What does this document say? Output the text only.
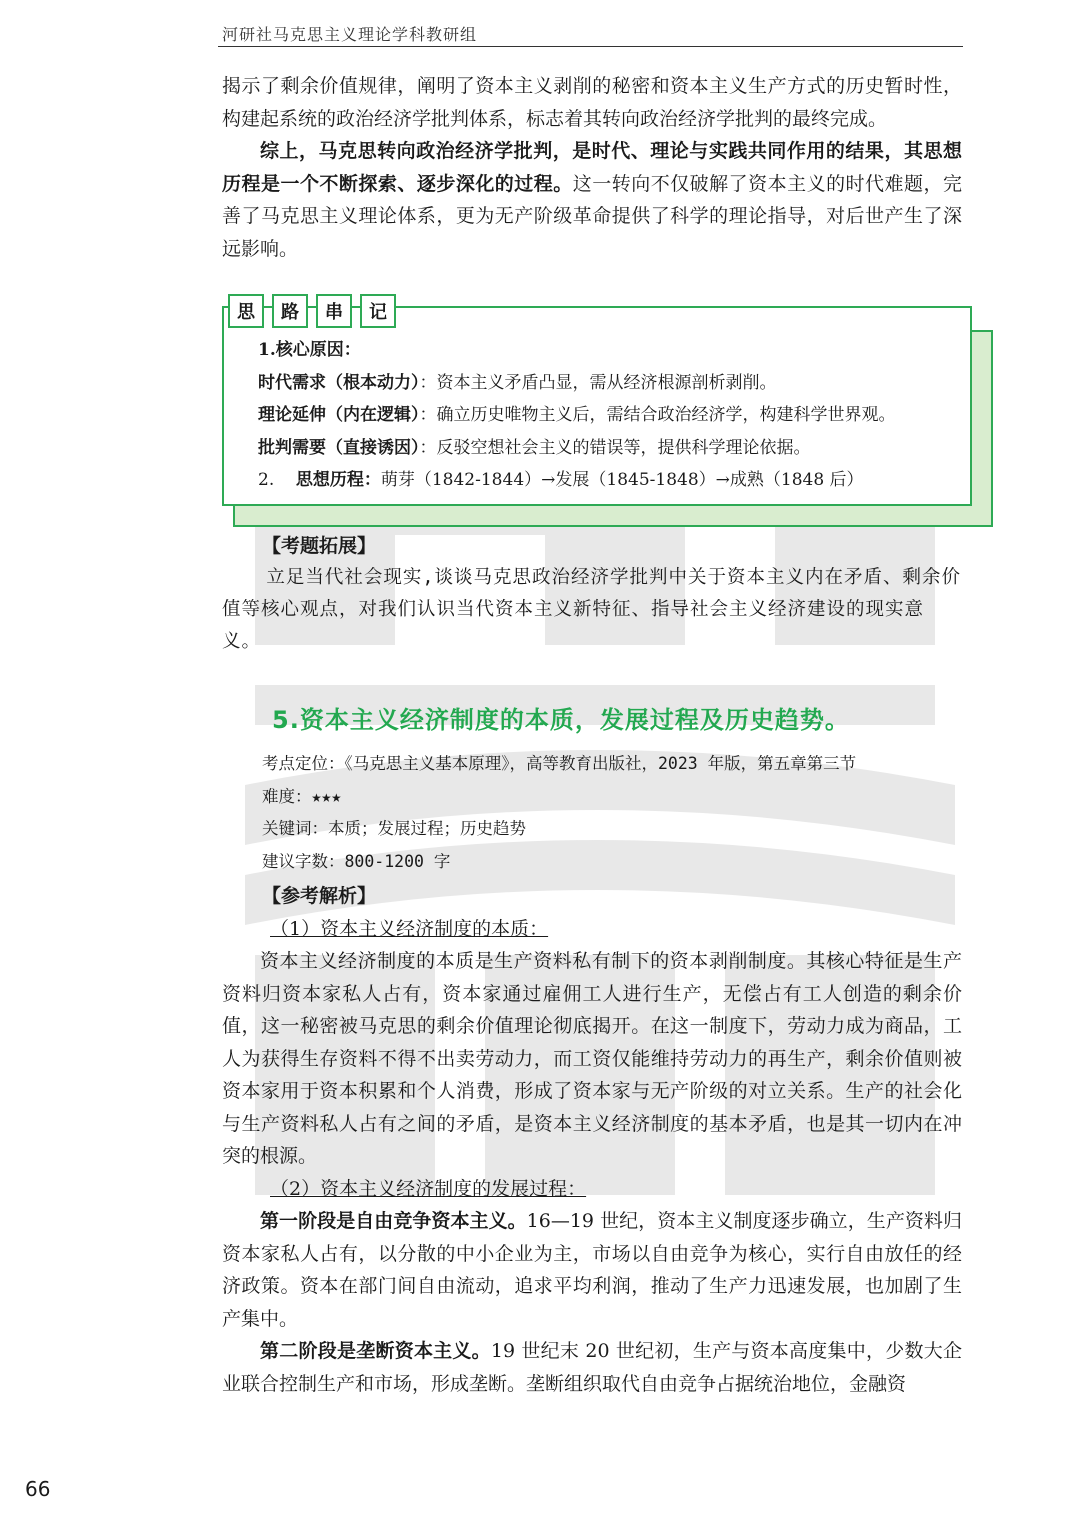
河研社马克思主义理论学科教研组

揭示了剩余价值规律，阐明了资本主义剥削的秘密和资本主义生产方式的历史暂时性，构建起系统的政治经济学批判体系，标志着其转向政治经济学批判的最终完成。

综上，马克思转向政治经济学批判，是时代、理论与实践共同作用的结果，其思想历程是一个不断探索、逐步深化的过程。这一转向不仅破解了资本主义的时代难题，完善了马克思主义理论体系，更为无产阶级革命提供了科学的理论指导，对后世产生了深远影响。

思	路	串	记

1.核心原因：

时代需求（根本动力）：资本主义矛盾凸显，需从经济根源剖析剥削。

理论延伸（内在逻辑）：确立历史唯物主义后，需结合政治经济学，构建科学世界观。

批判需要（直接诱因）：反驳空想社会主义的错误等，提供科学理论依据。

2. 思想历程：萌芽（1842-1844）→发展（1845-1848）→成熟（1848 后）

【考题拓展】

立足当代社会现实,谈谈马克思政治经济学批判中关于资本主义内在矛盾、剩余价值等核心观点，对我们认识当代资本主义新特征、指导社会主义经济建设的现实意义。

5.资本主义经济制度的本质，发展过程及历史趋势。

考点定位：《马克思主义基本原理》，高等教育出版社，2023 年版，第五章第三节

难度：★★★

关键词：本质；发展过程；历史趋势

建议字数：800-1200 字

【参考解析】

（1）资本主义经济制度的本质：

资本主义经济制度的本质是生产资料私有制下的资本剥削制度。其核心特征是生产资料归资本家私人占有，资本家通过雇佣工人进行生产，无偿占有工人创造的剩余价值，这一秘密被马克思的剩余价值理论彻底揭开。在这一制度下，劳动力成为商品，工人为获得生存资料不得不出卖劳动力，而工资仅能维持劳动力的再生产，剩余价值则被资本家用于资本积累和个人消费，形成了资本家与无产阶级的对立关系。生产的社会化与生产资料私人占有之间的矛盾，是资本主义经济制度的基本矛盾，也是其一切内在冲突的根源。

（2）资本主义经济制度的发展过程：

第一阶段是自由竞争资本主义。16—19 世纪，资本主义制度逐步确立，生产资料归资本家私人占有，以分散的中小企业为主，市场以自由竞争为核心，实行自由放任的经济政策。资本在部门间自由流动，追求平均利润，推动了生产力迅速发展，也加剧了生产集中。

第二阶段是垄断资本主义。19 世纪末 20 世纪初，生产与资本高度集中，少数大企业联合控制生产和市场，形成垄断。垄断组织取代自由竞争占据统治地位，金融资

66
